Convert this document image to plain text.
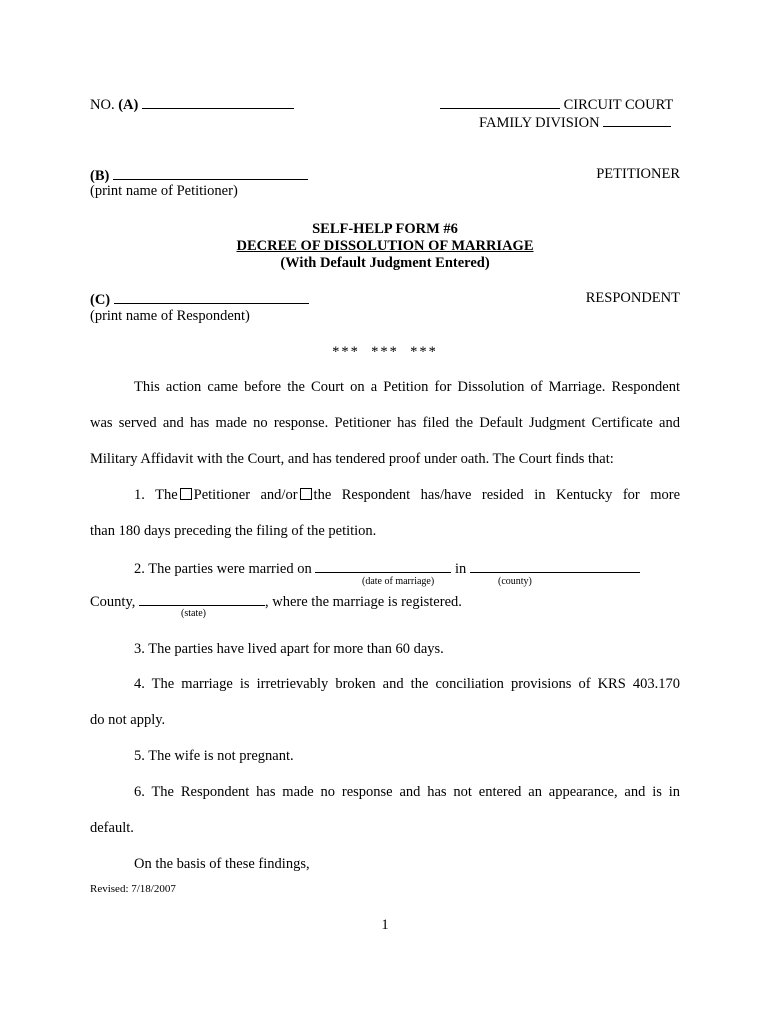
NO. (A)	CIRCUIT COURT
FAMILY DIVISION
(B)
(print name of Petitioner)
PETITIONER
SELF-HELP FORM #6
DECREE OF DISSOLUTION OF MARRIAGE
(With Default Judgment Entered)
(C)
(print name of Respondent)
RESPONDENT
***  ***  ***
This action came before the Court on a Petition for Dissolution of Marriage. Respondent
was served and has made no response. Petitioner has filed the Default Judgment Certificate and
Military Affidavit with the Court, and has tendered proof under oath. The Court finds that:
1. The Petitioner and/or the Respondent has/have resided in Kentucky for more
than 180 days preceding the filing of the petition.
2. The parties were married on	in
(date of marriage)	(county)
County,	, where the marriage is registered.
(state)
3. The parties have lived apart for more than 60 days.
4. The marriage is irretrievably broken and the conciliation provisions of KRS 403.170
do not apply.
5. The wife is not pregnant.
6. The Respondent has made no response and has not entered an appearance, and is in
default.
On the basis of these findings,
Revised: 7/18/2007
1
